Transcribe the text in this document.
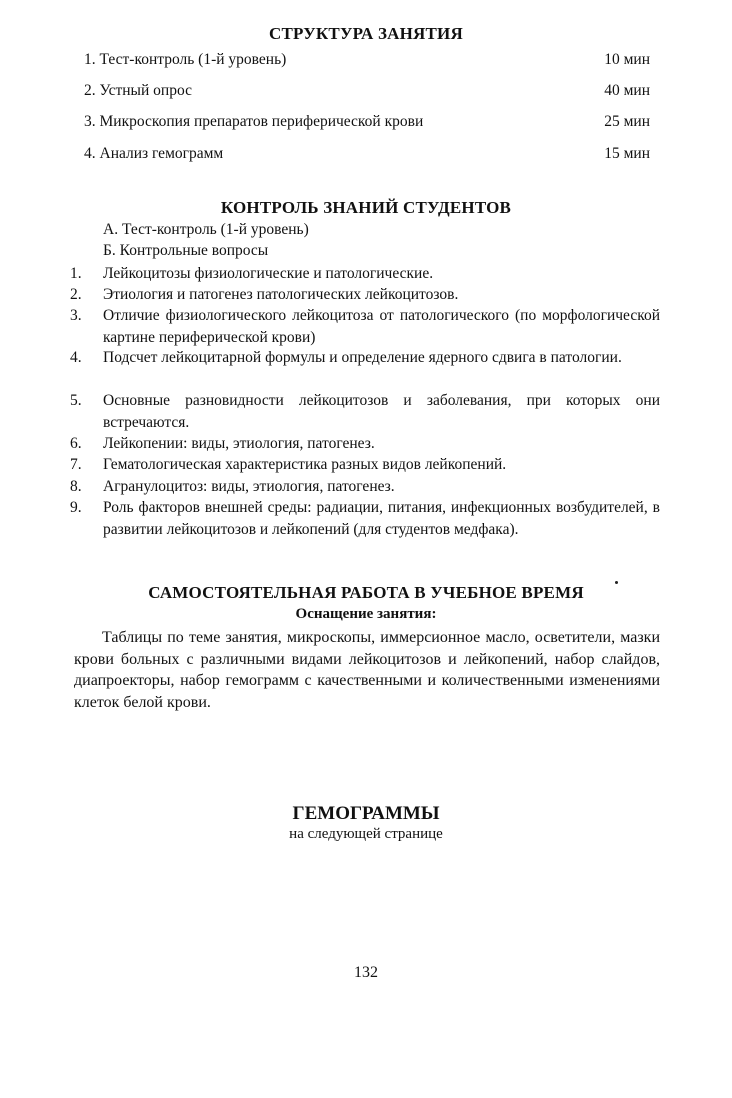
СТРУКТУРА ЗАНЯТИЯ
1. Тест-контроль (1-й уровень)	10 мин
2. Устный опрос	40 мин
3. Микроскопия препаратов периферической крови	25 мин
4. Анализ гемограмм	15 мин
КОНТРОЛЬ ЗНАНИЙ СТУДЕНТОВ
А. Тест-контроль (1-й уровень)
Б. Контрольные вопросы
1.	Лейкоцитозы физиологические и патологические.
2.	Этиология и патогенез патологических лейкоцитозов.
3.	Отличие физиологического лейкоцитоза от патологического (по морфологической картине периферической крови)
4.	Подсчет лейкоцитарной формулы и определение ядерного сдвига в патологии.
5.	Основные разновидности лейкоцитозов и заболевания, при которых они встречаются.
6.	Лейкопении: виды, этиология, патогенез.
7.	Гематологическая характеристика разных видов лейкопений.
8.	Агранулоцитоз: виды, этиология, патогенез.
9.	Роль факторов внешней среды: радиации, питания, инфекционных возбудителей, в развитии лейкоцитозов и лейкопений (для студентов медфака).
САМОСТОЯТЕЛЬНАЯ РАБОТА В УЧЕБНОЕ ВРЕМЯ
Оснащение занятия:
Таблицы по теме занятия, микроскопы, иммерсионное масло, осветители, мазки крови больных с различными видами лейкоцитозов и лейкопений, набор слайдов, диапроекторы, набор гемограмм с качественными и количественными изменениями клеток белой крови.
ГЕМОГРАММЫ
на следующей странице
132
